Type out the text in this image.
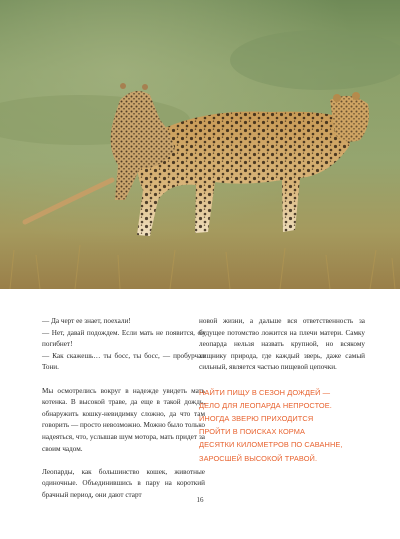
— Да черт ее знает, поехали!

— Нет, давай подождем. Если мать не появится, он погибнет!

— Как скажешь… ты босс, ты босс, — пробурчал Тони.

Мы осмотрелись вокруг в надежде увидеть мать котенка. В высокой траве, да еще в такой дождь, обнаружить кошку-невидимку сложно, да что там говорить — просто невозможно. Можно было только надеяться, что, услышав шум мотора, мать придет за своим чадом.

Леопарды, как большинство кошек, животные одиночные. Объединившись в пару на короткий брачный период, они дают старт

новой жизни, а дальше вся ответственность за будущее потомство ложится на плечи матери. Самку леопарда нельзя назвать крупной, но всякому хищнику природа, где каждый зверь, даже самый сильный, является частью пищевой цепочки.

НАЙТИ ПИЩУ В СЕЗОН ДОЖДЕЙ —
ДЕЛО ДЛЯ ЛЕОПАРДА НЕПРОСТОЕ.
ИНОГДА ЗВЕРЮ ПРИХОДИТСЯ
ПРОЙТИ В ПОИСКАХ КОРМА
ДЕСЯТКИ КИЛОМЕТРОВ ПО САВАННЕ,
ЗАРОСШЕЙ ВЫСОКОЙ ТРАВОЙ.
16
